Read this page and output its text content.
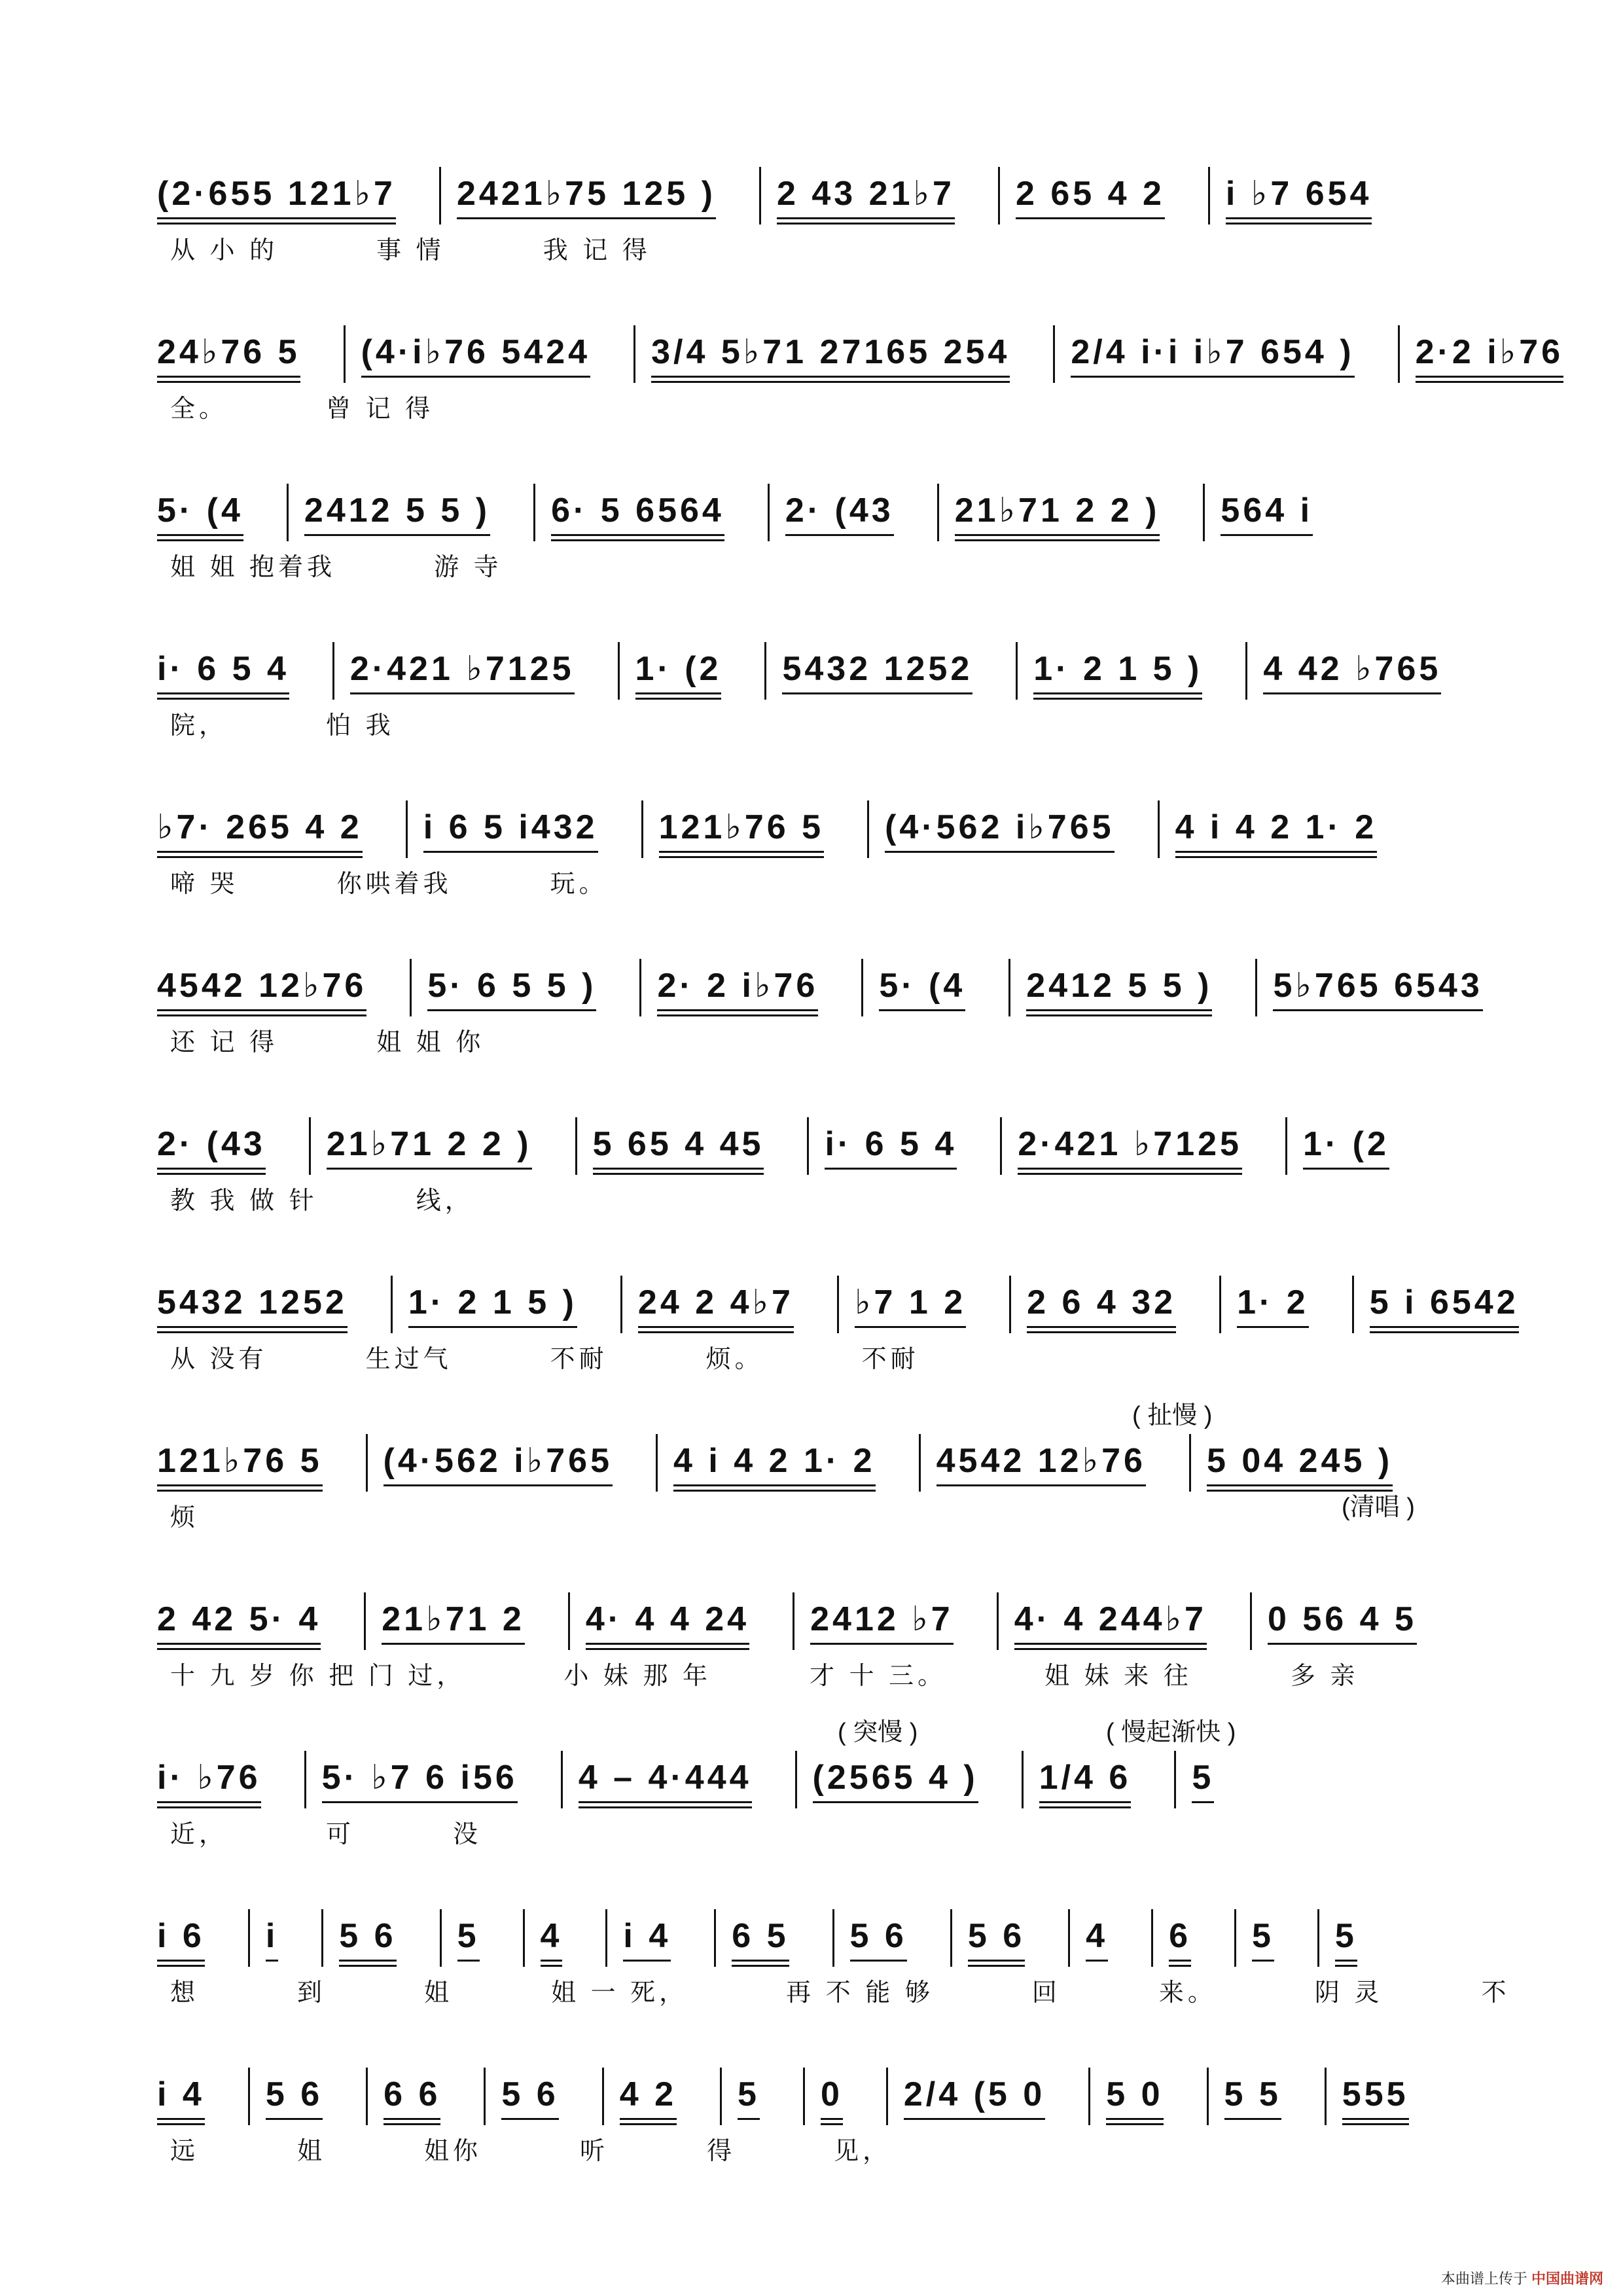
(2·655 121♭7 2421♭75 125 ) 2 43 21♭7 2 65 4 2 i ♭7 654
从 小 的	事 情	我 记 得
24♭76 5 (4·i♭76 5424 3/4 5♭71 27165 254 2/4 i·i i♭7 654 ) 2·2 i♭76
全。	曾 记 得
5· (4 2412 5 5 ) 6· 5 6564 2· (43 21♭71 2 2 ) 564 i
姐 姐 抱着我	游 寺
i· 6 5 4 2·421 ♭7125 1· (2 5432 1252 1· 2 1 5 ) 4 42 ♭765
院，	怕 我
♭7· 265 4 2 i 6 5 i432 121♭76 5 (4·562 i♭765 4 i 4 2 1· 2
啼 哭	你哄着我	玩。
4542 12♭76 5· 6 5 5 ) 2· 2 i♭76 5· (4 2412 5 5 ) 5♭765 6543
还 记 得	姐 姐 你
2· (43 21♭71 2 2 ) 5 65 4 45 i· 6 5 4 2·421 ♭7125 1· (2
教 我 做 针	线，
5432 1252 1· 2 1 5 ) 24 2 4♭7 ♭7 1 2 2 6 4 32 1· 2 5 i 6542
从 没有	生过气	不耐	烦。	不耐
121♭76 5 (4·562 i♭765 4 i 4 2 1· 2 4542 12♭76 5 04 245 )
( 扯慢 )
(清唱 )
烦
2 42 5· 4 21♭71 2 4· 4 4 24 2412 ♭7 4· 4 244♭7 0 56 4 5
十 九 岁 你 把 门 过，	小 妹 那 年	才 十 三。	姐 妹 来 往	多 亲
i· ♭76 5· ♭7 6 i56 4 – 4·444 (2565 4 ) 1/4 6 5
( 突慢 )	( 慢起渐快 )
近，	可	没
i 6 i 5 6 5 4 i 4 6 5 5 6 5 6 4 6 5 5
想	到	姐	姐 一 死，	再 不 能 够	回	来。	阴 灵	不
i 4 5 6 6 6 5 6 4 2 5 0 2/4 (5 0 5 0 5 5 555
远	姐	姐你	听	得	见，
本曲谱上传于 中国曲谱网
